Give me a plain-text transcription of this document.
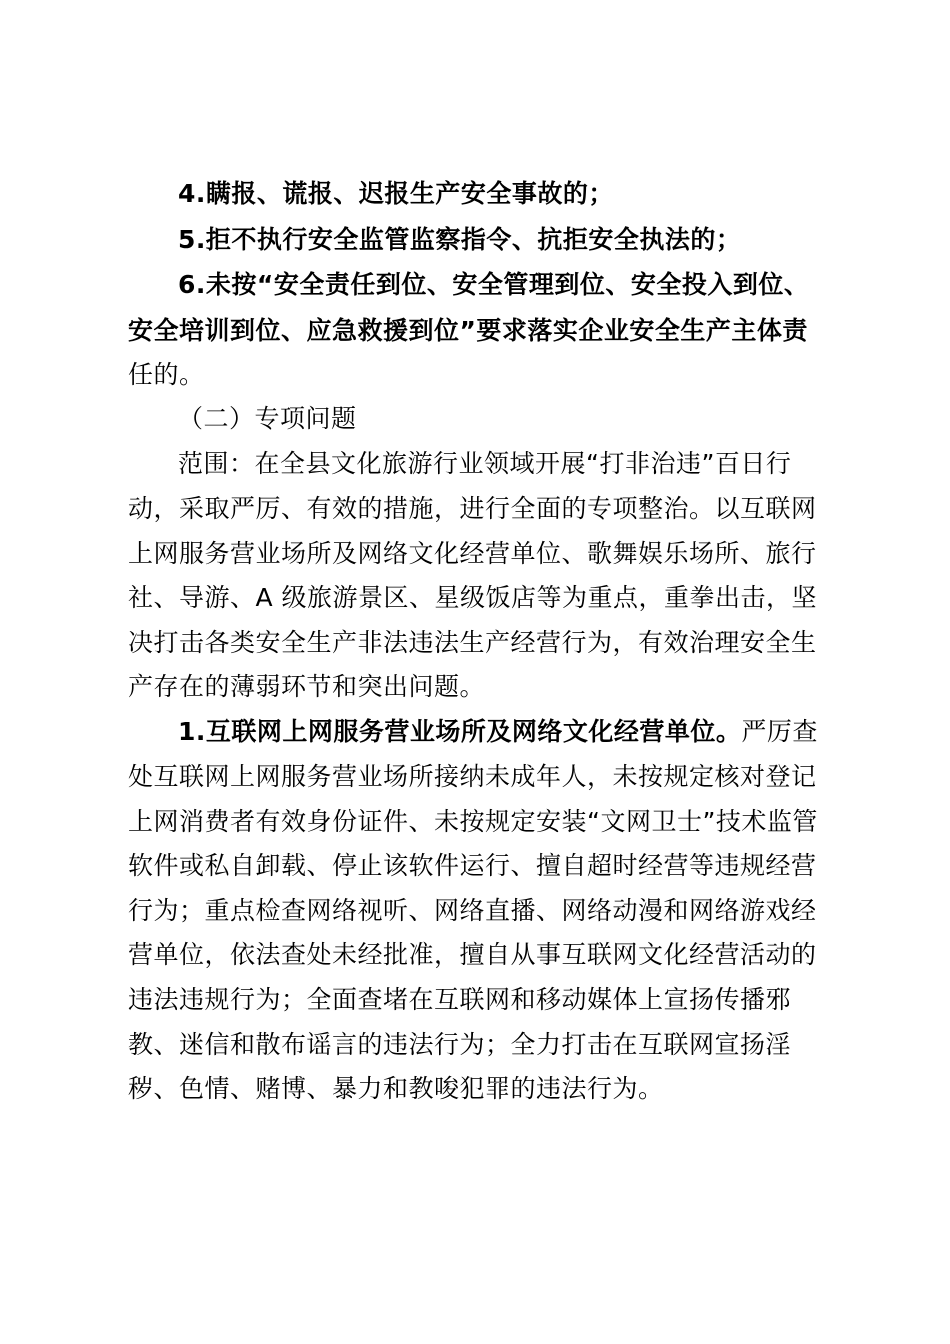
4.瞒报、谎报、迟报生产安全事故的；
5.拒不执行安全监管监察指令、抗拒安全执法的；
6.未按“安全责任到位、安全管理到位、安全投入到位、
安全培训到位、应急救援到位”要求落实企业安全生产主体责
任的。
（二）专项问题
范围：在全县文化旅游行业领域开展“打非治违”百日行
动，采取严厉、有效的措施，进行全面的专项整治。以互联网
上网服务营业场所及网络文化经营单位、歌舞娱乐场所、旅行
社、导游、A 级旅游景区、星级饭店等为重点，重拳出击，坚
决打击各类安全生产非法违法生产经营行为，有效治理安全生
产存在的薄弱环节和突出问题。
1.互联网上网服务营业场所及网络文化经营单位。严厉查
处互联网上网服务营业场所接纳未成年人，未按规定核对登记
上网消费者有效身份证件、未按规定安装“文网卫士”技术监管
软件或私自卸载、停止该软件运行、擅自超时经营等违规经营
行为；重点检查网络视听、网络直播、网络动漫和网络游戏经
营单位，依法查处未经批准，擅自从事互联网文化经营活动的
违法违规行为；全面查堵在互联网和移动媒体上宣扬传播邪
教、迷信和散布谣言的违法行为；全力打击在互联网宣扬淫
秽、色情、赌博、暴力和教唆犯罪的违法行为。
